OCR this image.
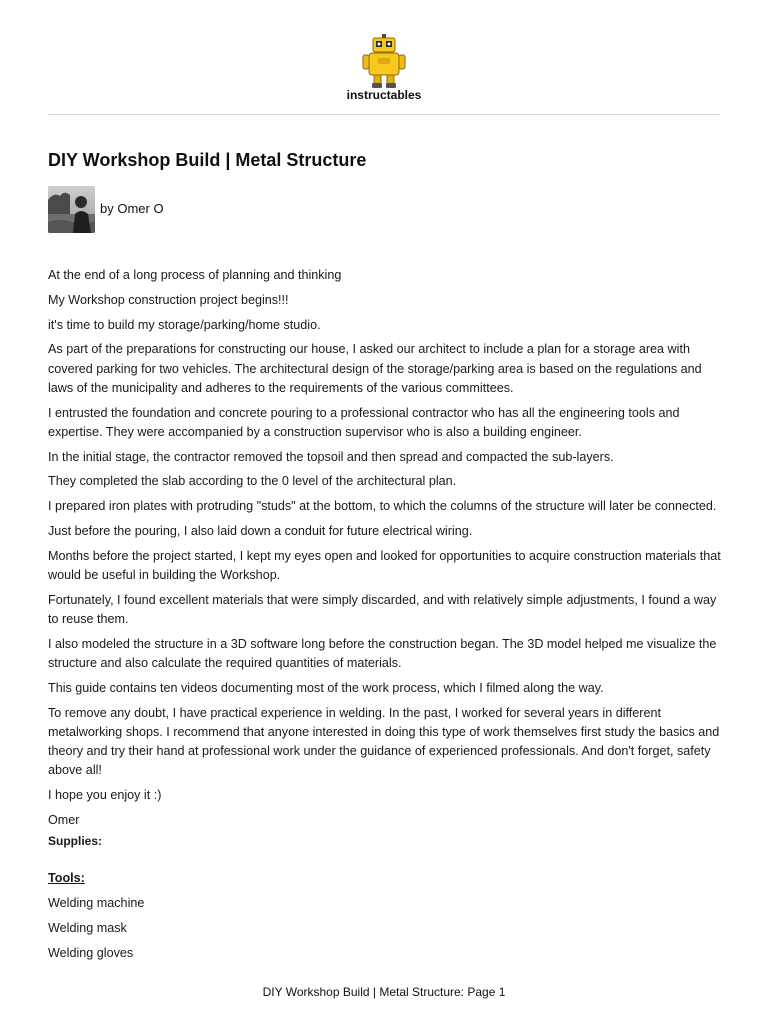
instructables
DIY Workshop Build | Metal Structure
by Omer O

At the end of a long process of planning and thinking

My Workshop construction project begins!!!

it's time to build my storage/parking/home studio.

As part of the preparations for constructing our house, I asked our architect to include a plan for a storage area with covered parking for two vehicles. The architectural design of the storage/parking area is based on the regulations and laws of the municipality and adheres to the requirements of the various committees.

I entrusted the foundation and concrete pouring to a professional contractor who has all the engineering tools and expertise. They were accompanied by a construction supervisor who is also a building engineer.

In the initial stage, the contractor removed the topsoil and then spread and compacted the sub-layers.

They completed the slab according to the 0 level of the architectural plan.

I prepared iron plates with protruding "studs" at the bottom, to which the columns of the structure will later be connected.

Just before the pouring, I also laid down a conduit for future electrical wiring.

Months before the project started, I kept my eyes open and looked for opportunities to acquire construction materials that would be useful in building the Workshop.

Fortunately, I found excellent materials that were simply discarded, and with relatively simple adjustments, I found a way to reuse them.

I also modeled the structure in a 3D software long before the construction began. The 3D model helped me visualize the structure and also calculate the required quantities of materials.

This guide contains ten videos documenting most of the work process, which I filmed along the way.

To remove any doubt, I have practical experience in welding. In the past, I worked for several years in different metalworking shops. I recommend that anyone interested in doing this type of work themselves first study the basics and theory and try their hand at professional work under the guidance of experienced professionals. And don't forget, safety above all!

I hope you enjoy it :)

Omer

Supplies:
Tools:

Welding machine

Welding mask

Welding gloves

DIY Workshop Build | Metal Structure: Page 1
